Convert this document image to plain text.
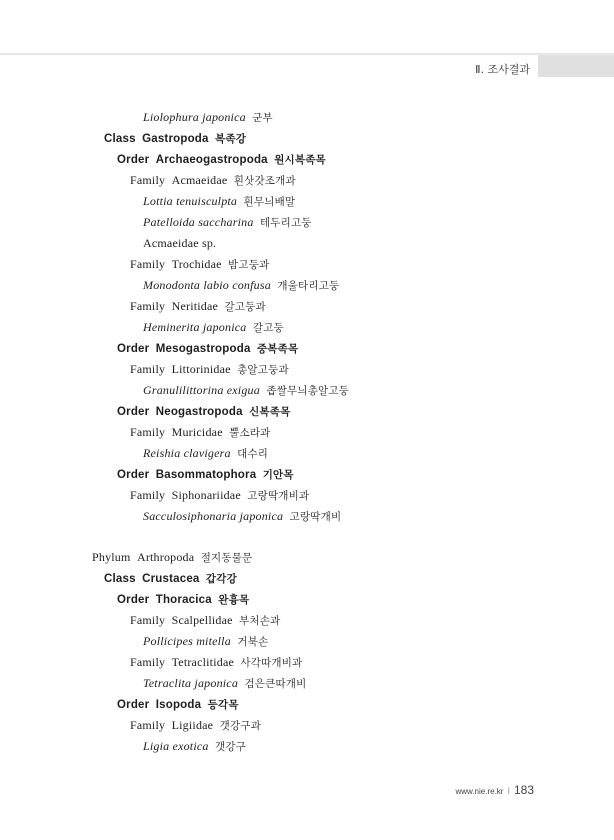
Ⅱ. 조사결과
Liolophura japonica 군부
Class Gastropoda 복족강
Order Archaeogastropoda 원시복족목
Family Acmaeidae 흰삿갓조개과
Lottia tenuisculpta 흰무늬배말
Patelloida saccharina 테두리고둥
Acmaeidae sp.
Family Trochidae 밤고둥과
Monodonta labio confusa 개울타리고둥
Family Neritidae 갈고둥과
Heminerita japonica 갈고둥
Order Mesogastropoda 중복족목
Family Littorinidae 총알고둥과
Granulilittorina exigua 좁쌀무늬총알고둥
Order Neogastropoda 신복족목
Family Muricidae 뿔소라과
Reishia clavigera 대수리
Order Basommatophora 기안목
Family Siphonariidae 고랑딱개비과
Sacculosiphonaria japonica 고랑딱개비
Phylum Arthropoda 절지동물문
Class Crustacea 갑각강
Order Thoracica 완흉목
Family Scalpellidae 부처손과
Pollicipes mitella 거북손
Family Tetraclitidae 사각따개비과
Tetraclita japonica 검은큰따개비
Order Isopoda 등각목
Family Ligiidae 갯강구과
Ligia exotica 갯강구
www.nie.re.kr I 183
